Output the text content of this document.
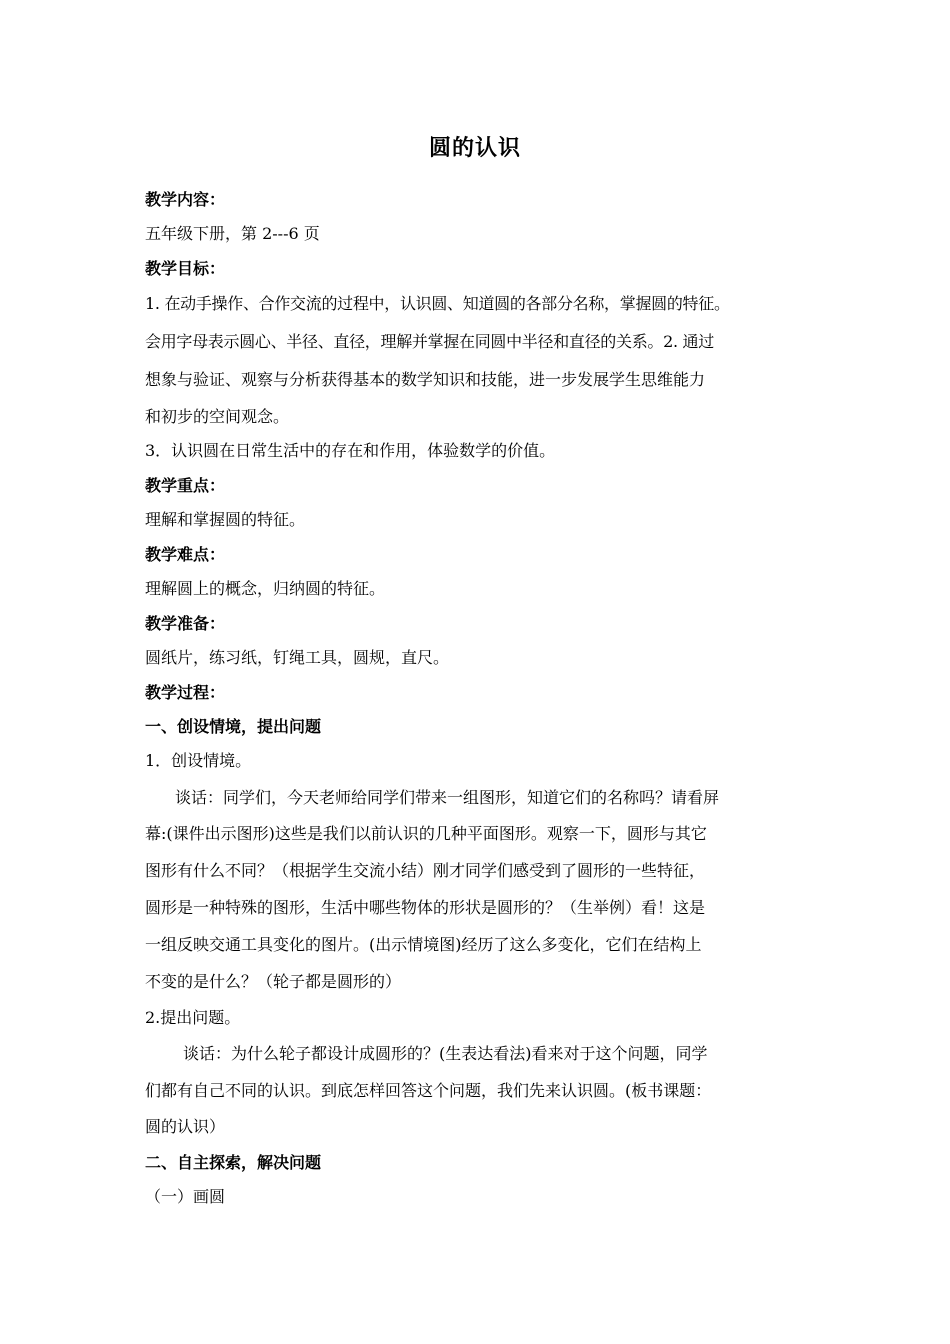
圆的认识
教学内容：
五年级下册，第 2---6 页
教学目标：
1. 在动手操作、合作交流的过程中，认识圆、知道圆的各部分名称，掌握圆的特征。
会用字母表示圆心、半径、直径，理解并掌握在同圆中半径和直径的关系。2. 通过
想象与验证、观察与分析获得基本的数学知识和技能，进一步发展学生思维能力
和初步的空间观念。
3．认识圆在日常生活中的存在和作用，体验数学的价值。
教学重点：
理解和掌握圆的特征。
教学难点：
理解圆上的概念，归纳圆的特征。
教学准备：
圆纸片，练习纸，钉绳工具，圆规，直尺。
教学过程：
一、创设情境，提出问题
1．创设情境。
谈话：同学们，今天老师给同学们带来一组图形，知道它们的名称吗？请看屏
幕:(课件出示图形)这些是我们以前认识的几种平面图形。观察一下，圆形与其它
图形有什么不同？（根据学生交流小结）刚才同学们感受到了圆形的一些特征，
圆形是一种特殊的图形，生活中哪些物体的形状是圆形的？（生举例）看！这是
一组反映交通工具变化的图片。(出示情境图)经历了这么多变化，它们在结构上
不变的是什么？（轮子都是圆形的）
2.提出问题。
谈话：为什么轮子都设计成圆形的？(生表达看法)看来对于这个问题，同学
们都有自己不同的认识。到底怎样回答这个问题，我们先来认识圆。(板书课题：
圆的认识）
二、自主探索，解决问题
（一）画圆
